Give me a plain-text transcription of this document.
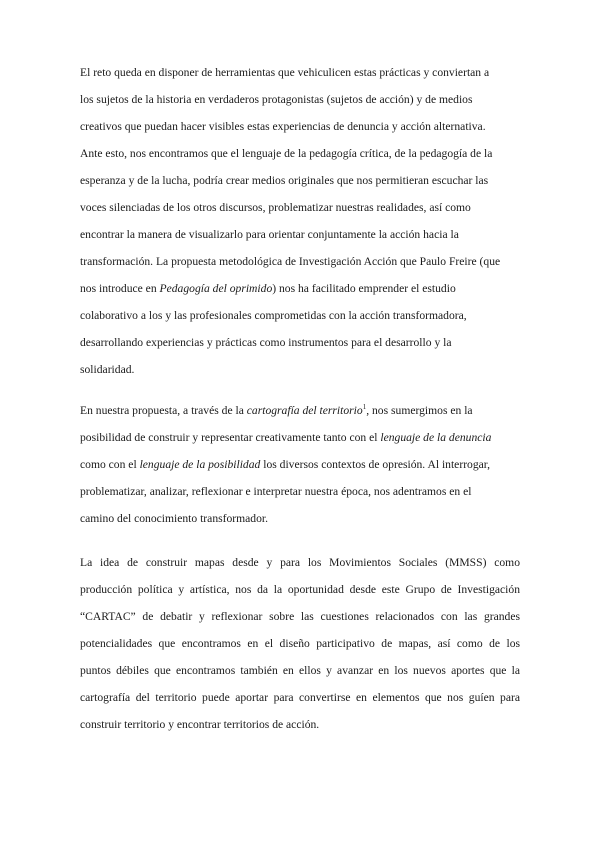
El reto queda en disponer de herramientas que vehiculicen estas prácticas y conviertan a
los sujetos de la historia en verdaderos protagonistas (sujetos de acción) y de medios
creativos que puedan hacer visibles estas experiencias de denuncia y acción alternativa.
Ante esto, nos encontramos que el lenguaje de la pedagogía crítica, de la pedagogía de la
esperanza y de la lucha, podría crear medios originales que nos permitieran escuchar las
voces silenciadas de los otros discursos, problematizar nuestras realidades, así como
encontrar la manera de visualizarlo para orientar conjuntamente la acción hacia la
transformación. La propuesta metodológica de Investigación Acción que Paulo Freire (que
nos introduce en Pedagogía del oprimido) nos ha facilitado emprender el estudio
colaborativo a los y las profesionales comprometidas con la acción transformadora,
desarrollando experiencias y prácticas como instrumentos para el desarrollo y la
solidaridad.
En nuestra propuesta, a través de la cartografía del territorio$^1$, nos sumergimos en la
posibilidad de construir y representar creativamente tanto con el lenguaje de la denuncia
como con el lenguaje de la posibilidad los diversos contextos de opresión. Al interrogar,
problematizar, analizar, reflexionar e interpretar nuestra época, nos adentramos en el
camino del conocimiento transformador.
La idea de construir mapas desde y para los Movimientos Sociales (MMSS) como
producción política y artística, nos da la oportunidad desde este Grupo de Investigación
“CARTAC” de debatir y reflexionar sobre las cuestiones relacionados con las grandes
potencialidades que encontramos en el diseño participativo de mapas, así como de los
puntos débiles que encontramos también en ellos y avanzar en los nuevos aportes que la
cartografía del territorio puede aportar para convertirse en elementos que nos guíen para
construir territorio y encontrar territorios de acción.
